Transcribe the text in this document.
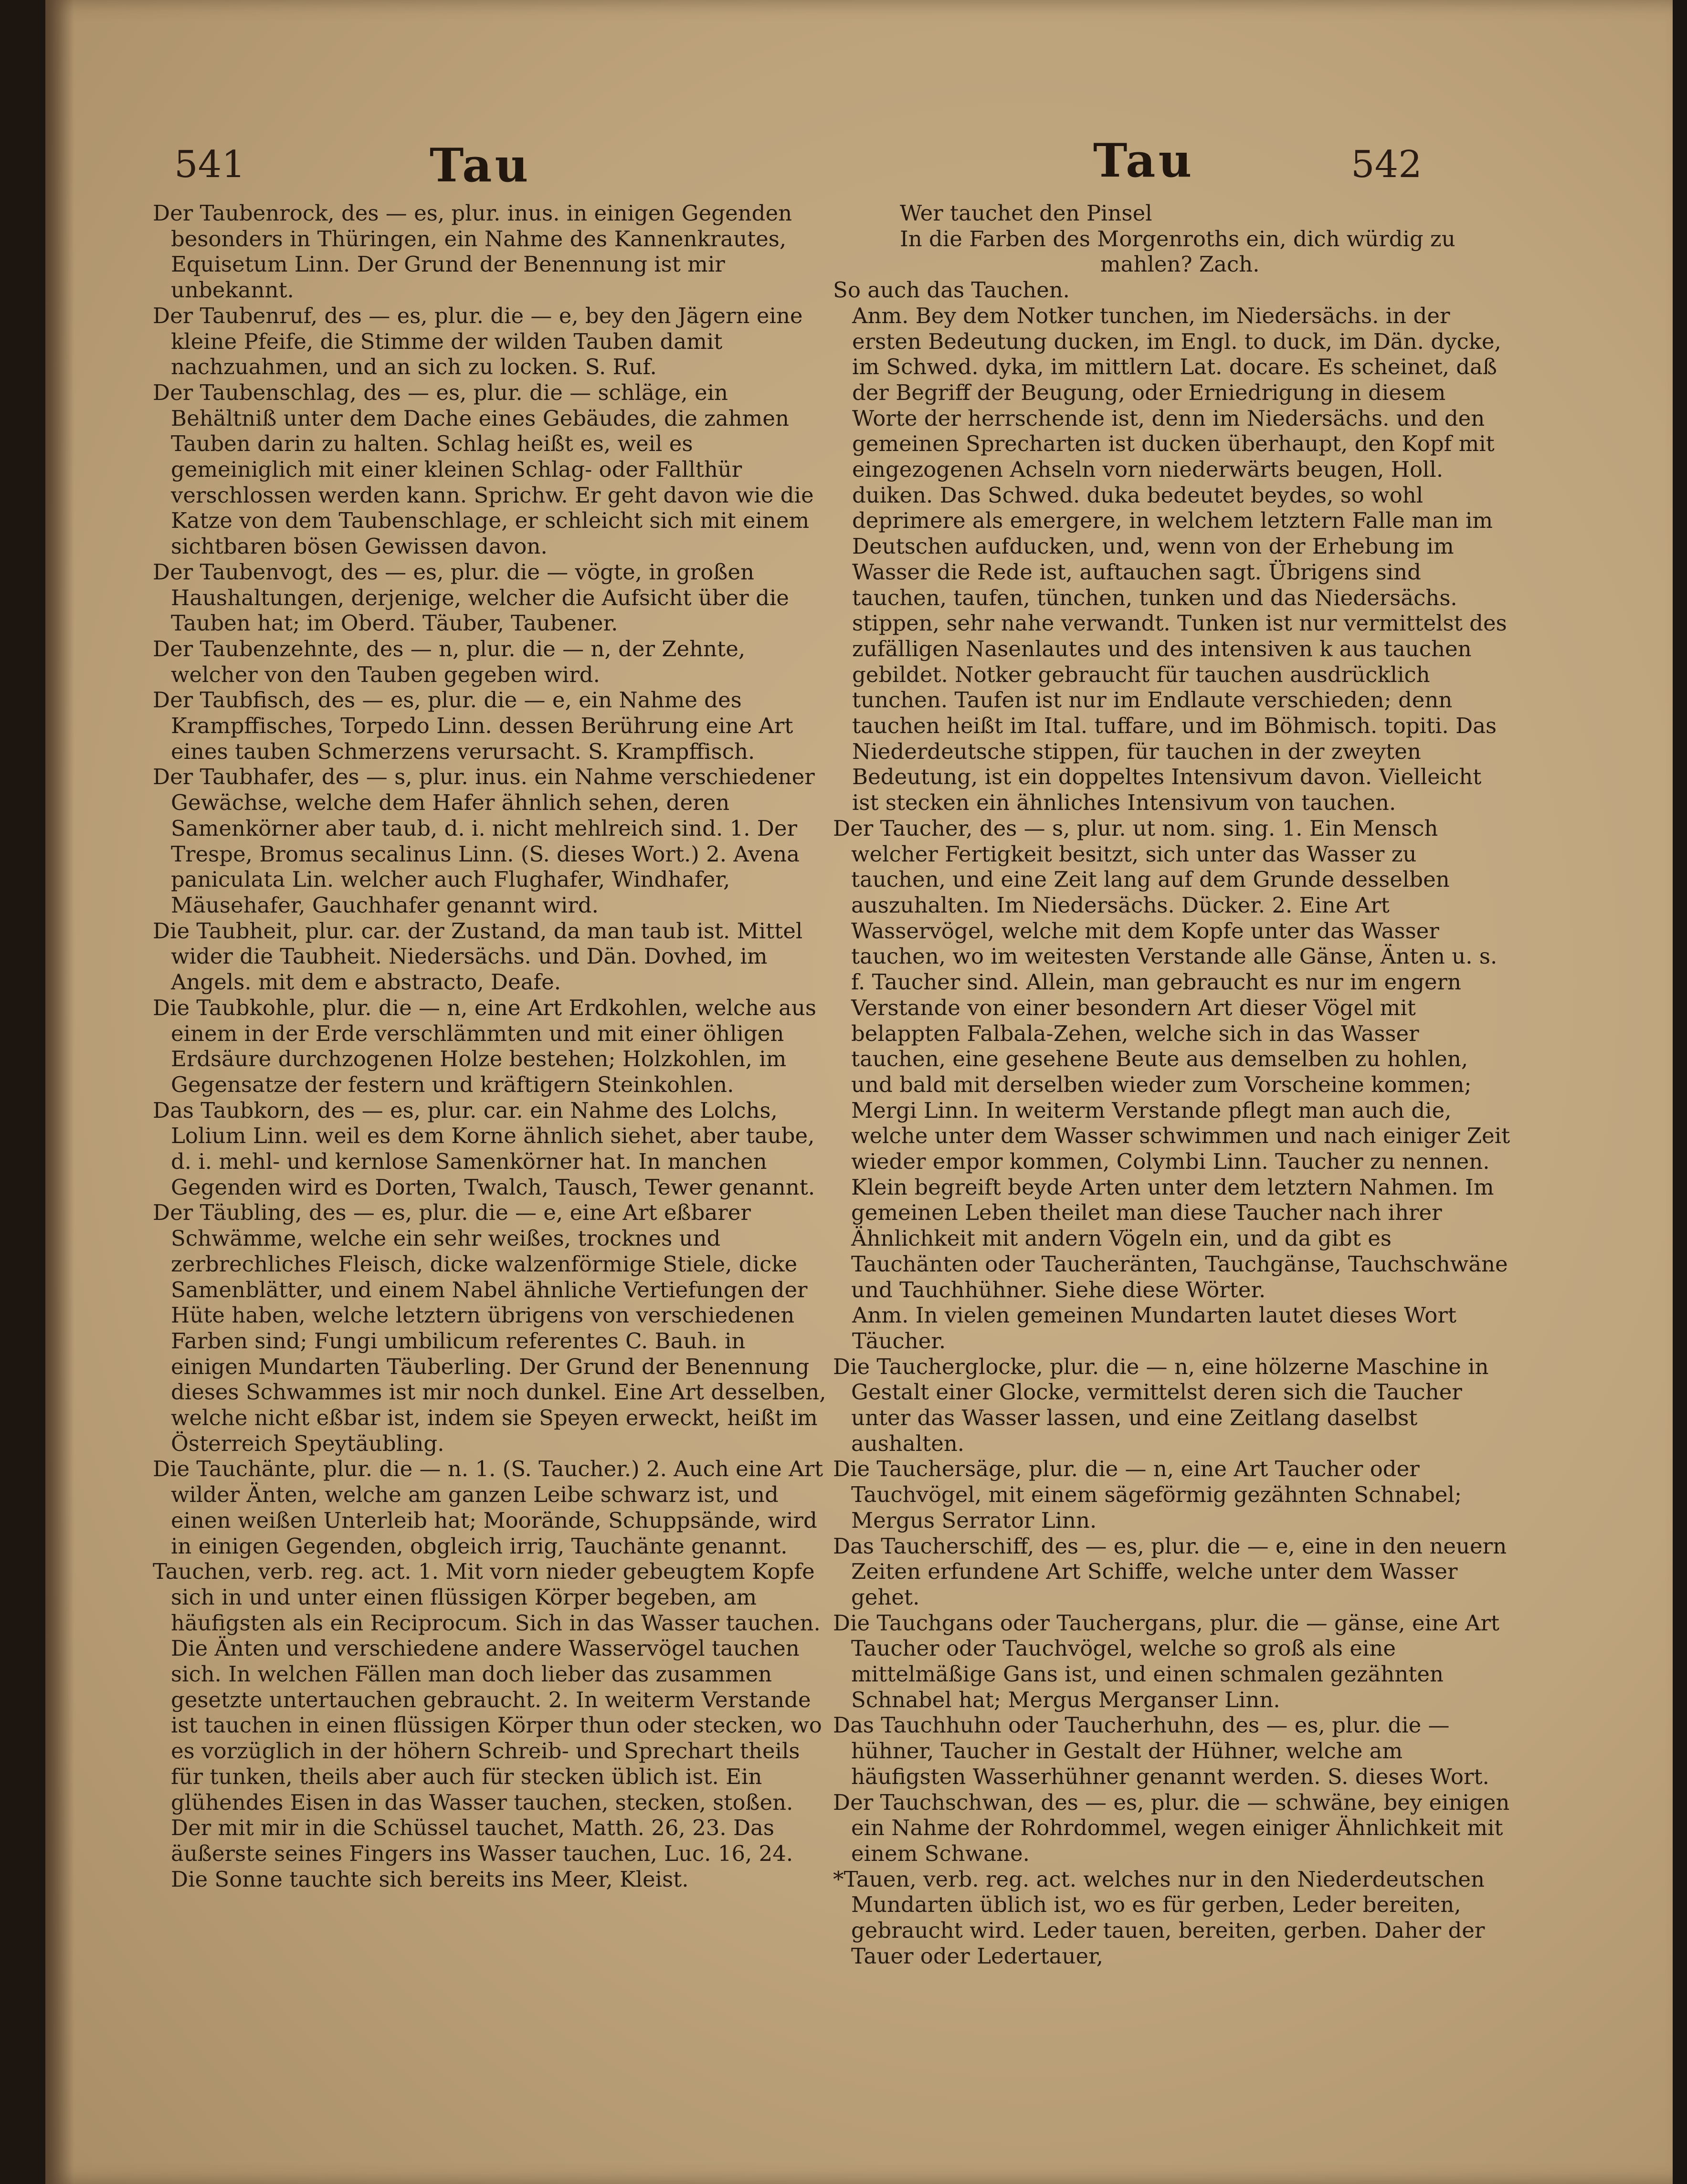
541	Tau	Tau	542

Der Taubenrock, des — es, plur. inus. in einigen Gegenden besonders in Thüringen, ein Nahme des Kannenkrautes, Equisetum Linn. Der Grund der Benennung ist mir unbekannt.

Der Taubenruf, des — es, plur. die — e, bey den Jägern eine kleine Pfeife, die Stimme der wilden Tauben damit nachzuahmen, und an sich zu locken. S. Ruf.

Der Taubenschlag, des — es, plur. die — schläge, ein Behältniß unter dem Dache eines Gebäudes, die zahmen Tauben darin zu halten. Schlag heißt es, weil es gemeiniglich mit einer kleinen Schlag- oder Fallthür verschlossen werden kann. Sprichw. Er geht davon wie die Katze von dem Taubenschlage, er schleicht sich mit einem sichtbaren bösen Gewissen davon.

Der Taubenvogt, des — es, plur. die — vögte, in großen Haushaltungen, derjenige, welcher die Aufsicht über die Tauben hat; im Oberd. Täuber, Taubener.

Der Taubenzehnte, des — n, plur. die — n, der Zehnte, welcher von den Tauben gegeben wird.

Der Taubfisch, des — es, plur. die — e, ein Nahme des Krampffisches, Torpedo Linn. dessen Berührung eine Art eines tauben Schmerzens verursacht. S. Krampffisch.

Der Taubhafer, des — s, plur. inus. ein Nahme verschiedener Gewächse, welche dem Hafer ähnlich sehen, deren Samenkörner aber taub, d. i. nicht mehlreich sind. 1. Der Trespe, Bromus secalinus Linn. (S. dieses Wort.) 2. Avena paniculata Lin. welcher auch Flughafer, Windhafer, Mäusehafer, Gauchhafer genannt wird.

Die Taubheit, plur. car. der Zustand, da man taub ist. Mittel wider die Taubheit. Niedersächs. und Dän. Dovhed, im Angels. mit dem e abstracto, Deafe.

Die Taubkohle, plur. die — n, eine Art Erdkohlen, welche aus einem in der Erde verschlämmten und mit einer öhligen Erdsäure durchzogenen Holze bestehen; Holzkohlen, im Gegensatze der festern und kräftigern Steinkohlen.

Das Taubkorn, des — es, plur. car. ein Nahme des Lolchs, Lolium Linn. weil es dem Korne ähnlich siehet, aber taube, d. i. mehl- und kernlose Samenkörner hat. In manchen Gegenden wird es Dorten, Twalch, Tausch, Tewer genannt.

Der Täubling, des — es, plur. die — e, eine Art eßbarer Schwämme, welche ein sehr weißes, trocknes und zerbrechliches Fleisch, dicke walzenförmige Stiele, dicke Samenblätter, und einem Nabel ähnliche Vertiefungen der Hüte haben, welche letztern übrigens von verschiedenen Farben sind; Fungi umbilicum referentes C. Bauh. in einigen Mundarten Täuberling. Der Grund der Benennung dieses Schwammes ist mir noch dunkel. Eine Art desselben, welche nicht eßbar ist, indem sie Speyen erweckt, heißt im Österreich Speytäubling.

Die Tauchänte, plur. die — n. 1. (S. Taucher.) 2. Auch eine Art wilder Änten, welche am ganzen Leibe schwarz ist, und einen weißen Unterleib hat; Moorände, Schuppsände, wird in einigen Gegenden, obgleich irrig, Tauchänte genannt.

Tauchen, verb. reg. act. 1. Mit vorn nieder gebeugtem Kopfe sich in und unter einen flüssigen Körper begeben, am häufigsten als ein Reciprocum. Sich in das Wasser tauchen. Die Änten und verschiedene andere Wasservögel tauchen sich. In welchen Fällen man doch lieber das zusammen gesetzte untertauchen gebraucht. 2. In weiterm Verstande ist tauchen in einen flüssigen Körper thun oder stecken, wo es vorzüglich in der höhern Schreib- und Sprechart theils für tunken, theils aber auch für stecken üblich ist. Ein glühendes Eisen in das Wasser tauchen, stecken, stoßen. Der mit mir in die Schüssel tauchet, Matth. 26, 23. Das äußerste seines Fingers ins Wasser tauchen, Luc. 16, 24. Die Sonne tauchte sich bereits ins Meer, Kleist.

Wer tauchet den Pinsel

In die Farben des Morgenroths ein, dich würdig zu

mahlen? Zach.

So auch das Tauchen.

Anm. Bey dem Notker tunchen, im Niedersächs. in der ersten Bedeutung ducken, im Engl. to duck, im Dän. dycke, im Schwed. dyka, im mittlern Lat. docare. Es scheinet, daß der Begriff der Beugung, oder Erniedrigung in diesem Worte der herrschende ist, denn im Niedersächs. und den gemeinen Sprecharten ist ducken überhaupt, den Kopf mit eingezogenen Achseln vorn niederwärts beugen, Holl. duiken. Das Schwed. duka bedeutet beydes, so wohl deprimere als emergere, in welchem letztern Falle man im Deutschen aufducken, und, wenn von der Erhebung im Wasser die Rede ist, auftauchen sagt. Übrigens sind tauchen, taufen, tünchen, tunken und das Niedersächs. stippen, sehr nahe verwandt. Tunken ist nur vermittelst des zufälligen Nasenlautes und des intensiven k aus tauchen gebildet. Notker gebraucht für tauchen ausdrücklich tunchen. Taufen ist nur im Endlaute verschieden; denn tauchen heißt im Ital. tuffare, und im Böhmisch. topiti. Das Niederdeutsche stippen, für tauchen in der zweyten Bedeutung, ist ein doppeltes Intensivum davon. Vielleicht ist stecken ein ähnliches Intensivum von tauchen.

Der Taucher, des — s, plur. ut nom. sing. 1. Ein Mensch welcher Fertigkeit besitzt, sich unter das Wasser zu tauchen, und eine Zeit lang auf dem Grunde desselben auszuhalten. Im Niedersächs. Dücker. 2. Eine Art Wasservögel, welche mit dem Kopfe unter das Wasser tauchen, wo im weitesten Verstande alle Gänse, Änten u. s. f. Taucher sind. Allein, man gebraucht es nur im engern Verstande von einer besondern Art dieser Vögel mit belappten Falbala-Zehen, welche sich in das Wasser tauchen, eine gesehene Beute aus demselben zu hohlen, und bald mit derselben wieder zum Vorscheine kommen; Mergi Linn. In weiterm Verstande pflegt man auch die, welche unter dem Wasser schwimmen und nach einiger Zeit wieder empor kommen, Colymbi Linn. Taucher zu nennen. Klein begreift beyde Arten unter dem letztern Nahmen. Im gemeinen Leben theilet man diese Taucher nach ihrer Ähnlichkeit mit andern Vögeln ein, und da gibt es Tauchänten oder Taucheränten, Tauchgänse, Tauchschwäne und Tauchhühner. Siehe diese Wörter.

Anm. In vielen gemeinen Mundarten lautet dieses Wort Täucher.

Die Taucherglocke, plur. die — n, eine hölzerne Maschine in Gestalt einer Glocke, vermittelst deren sich die Taucher unter das Wasser lassen, und eine Zeitlang daselbst aushalten.

Die Tauchersäge, plur. die — n, eine Art Taucher oder Tauchvögel, mit einem sägeförmig gezähnten Schnabel; Mergus Serrator Linn.

Das Taucherschiff, des — es, plur. die — e, eine in den neuern Zeiten erfundene Art Schiffe, welche unter dem Wasser gehet.

Die Tauchgans oder Tauchergans, plur. die — gänse, eine Art Taucher oder Tauchvögel, welche so groß als eine mittelmäßige Gans ist, und einen schmalen gezähnten Schnabel hat; Mergus Merganser Linn.

Das Tauchhuhn oder Taucherhuhn, des — es, plur. die — hühner, Taucher in Gestalt der Hühner, welche am häufigsten Wasserhühner genannt werden. S. dieses Wort.

Der Tauchschwan, des — es, plur. die — schwäne, bey einigen ein Nahme der Rohrdommel, wegen einiger Ähnlichkeit mit einem Schwane.

*Tauen, verb. reg. act. welches nur in den Niederdeutschen Mundarten üblich ist, wo es für gerben, Leder bereiten, gebraucht wird. Leder tauen, bereiten, gerben. Daher der Tauer oder Ledertauer,
